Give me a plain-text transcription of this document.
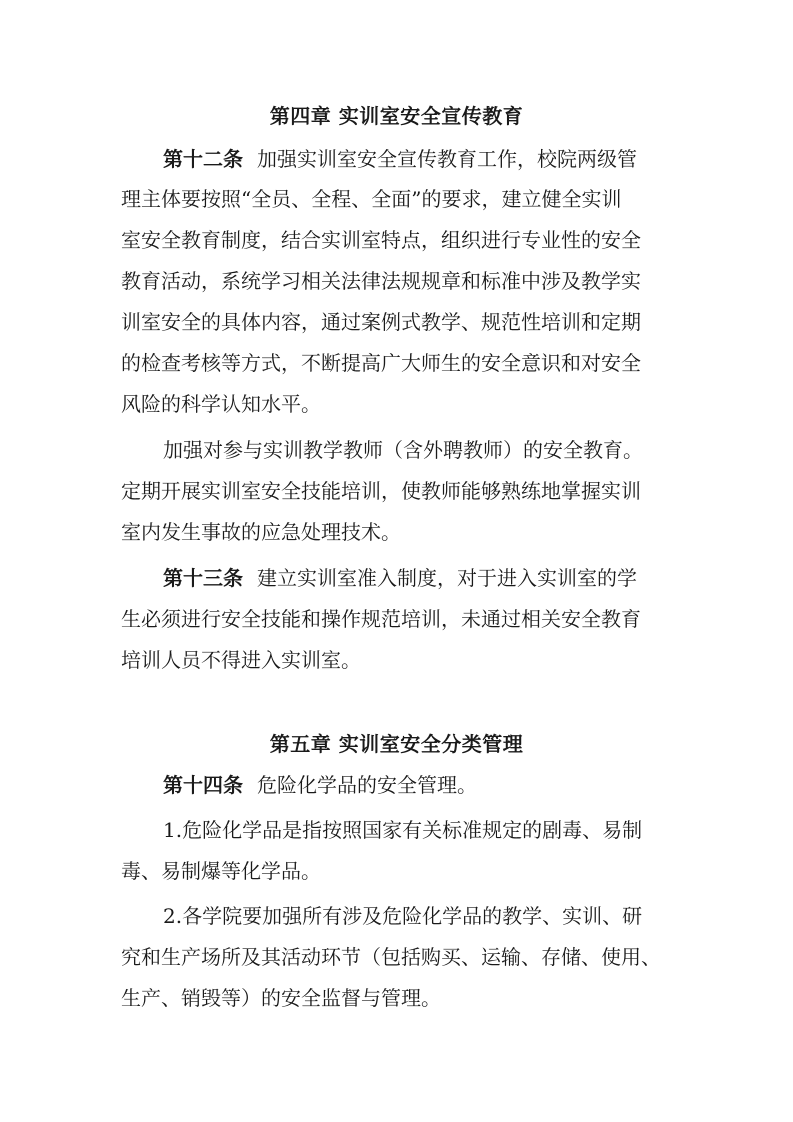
第四章 实训室安全宣传教育

第十二条 加强实训室安全宣传教育工作，校院两级管

理主体要按照“全员、全程、全面”的要求，建立健全实训

室安全教育制度，结合实训室特点，组织进行专业性的安全

教育活动，系统学习相关法律法规规章和标准中涉及教学实

训室安全的具体内容，通过案例式教学、规范性培训和定期

的检查考核等方式，不断提高广大师生的安全意识和对安全

风险的科学认知水平。

加强对参与实训教学教师（含外聘教师）的安全教育。

定期开展实训室安全技能培训，使教师能够熟练地掌握实训

室内发生事故的应急处理技术。

第十三条 建立实训室准入制度，对于进入实训室的学

生必须进行安全技能和操作规范培训，未通过相关安全教育

培训人员不得进入实训室。

第五章 实训室安全分类管理

第十四条 危险化学品的安全管理。

1.危险化学品是指按照国家有关标准规定的剧毒、易制

毒、易制爆等化学品。

2.各学院要加强所有涉及危险化学品的教学、实训、研

究和生产场所及其活动环节（包括购买、运输、存储、使用、

生产、销毁等）的安全监督与管理。
